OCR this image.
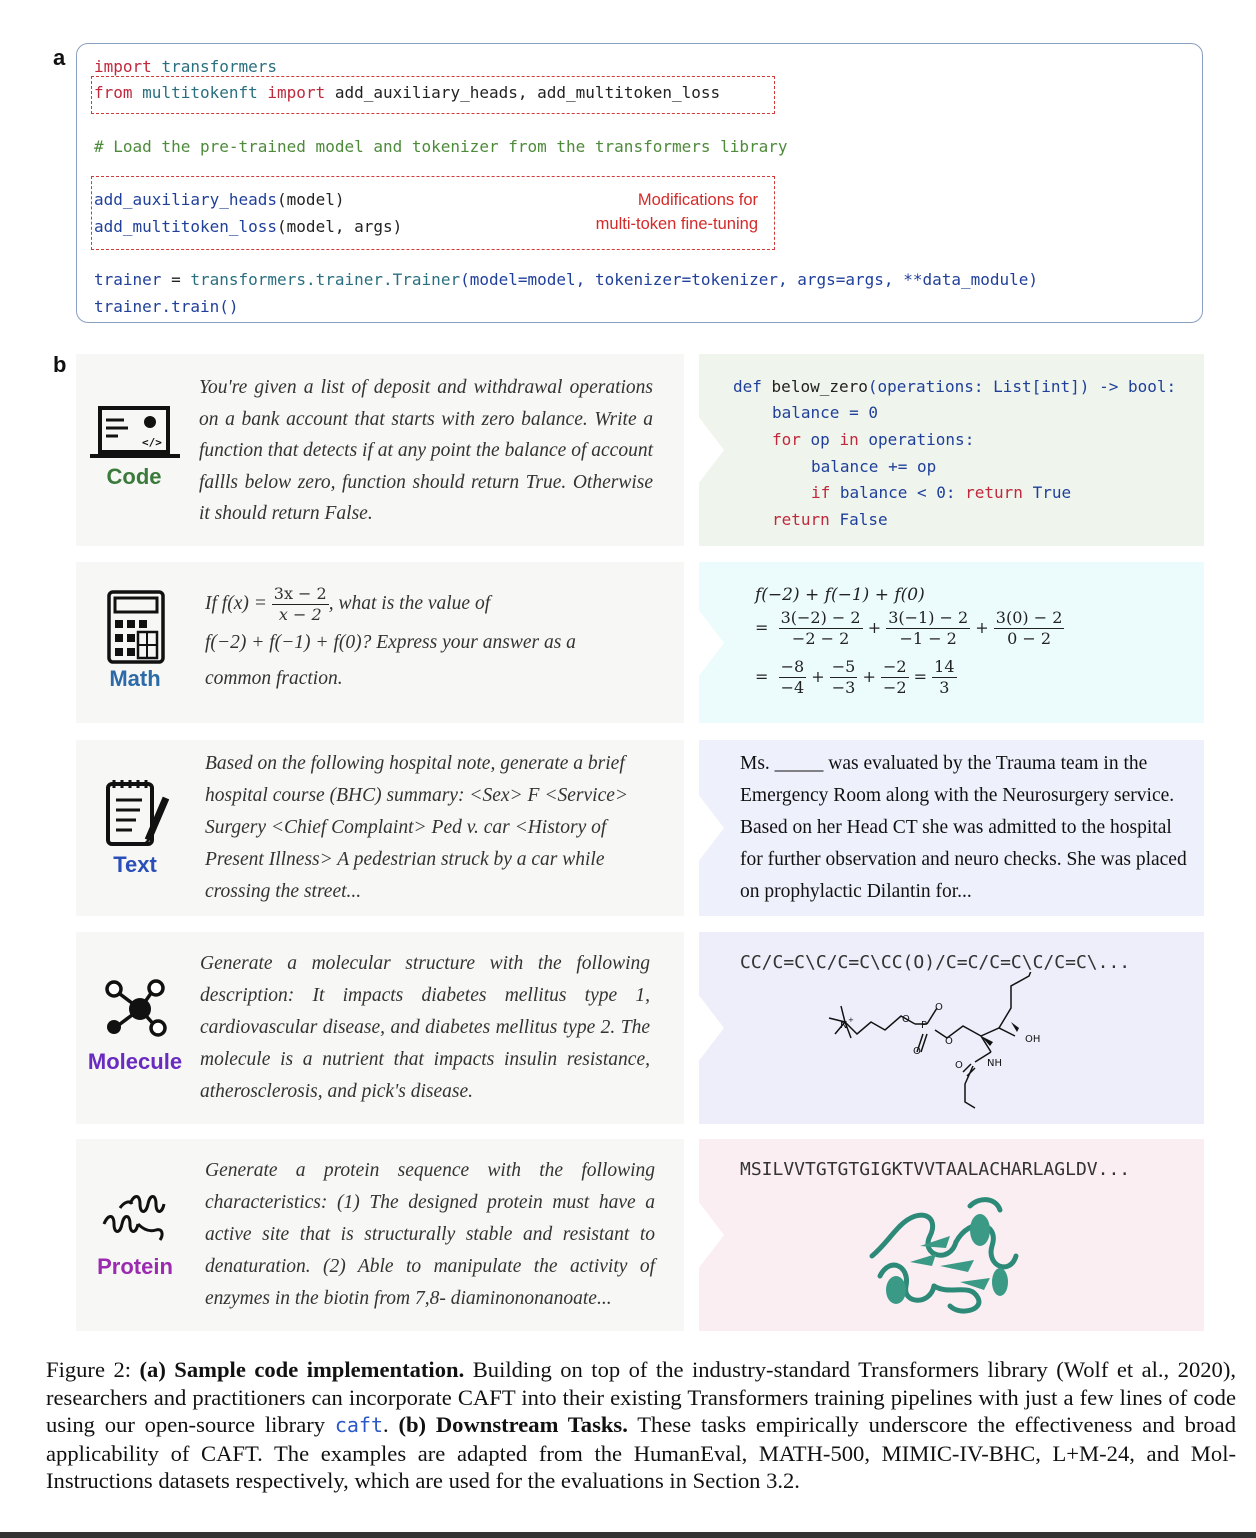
a import transformers
from multitokenft import add_auxiliary_heads, add_multitoken_loss
# Load the pre-trained model and tokenizer from the transformers library
add_auxiliary_heads(model)
add_multitoken_loss(model, args)
Modifications for
multi-token fine-tuning
trainer = transformers.trainer.Trainer(model=model, tokenizer=tokenizer, args=args, **data_module)
trainer.train()
b
</>
Code
You're given a list of deposit and withdrawal operations on a bank account that starts with zero balance. Write a function that detects if at any point the balance of account fallls below zero, function should return True. Otherwise it should return False.
def below_zero(operations: List[int]) -> bool:
balance = 0
for op in operations:
balance += op
if balance < 0: return True
return False
Math
If $f(x) = \frac{3x - 2}{x - 2}$ , what is the value of
f(−2) + f(−1) + f(0)? Express your answer as a
common fraction.
f(−2) + f(−1) + f(0)
= $\frac{3(-2) - 2}{-2 - 2} + \frac{3(-1) - 2}{-1 - 2} + \frac{3(0) - 2}{0 - 2}$
= $\frac{-8}{-4} + \frac{-5}{-3} + \frac{-2}{-2} = \frac{14}{3}$
Text
Based on the following hospital note, generate a brief hospital course (BHC) summary: <Sex> F <Service> Surgery <Chief Complaint> Ped v. car <History of Present Illness> A pedestrian struck by a car while crossing the street...
Ms. _____ was evaluated by the Trauma team in the Emergency Room along with the Neurosurgery service. Based on her Head CT she was admitted to the hospital for further observation and neuro checks. She was placed on prophylactic Dilantin for...
Molecule
Generate a molecular structure with the following description: It impacts diabetes mellitus type 1, cardiovascular disease, and diabetes mellitus type 2. The molecule is a nutrient that impacts insulin resistance, atherosclerosis, and pick's disease.
CC/C=C\C/C=C\CC(O)/C=C/C=C\C/C=C\...
N +	O
P
O
O
O	OH
NH
O
Protein
Generate a protein sequence with the following characteristics: (1) The designed protein must have a active site that is structurally stable and resistant to denaturation. (2) Able to manipulate the activity of enzymes in the biotin from 7,8- diaminononanoate...
MSILVVTGTGTGIGKTVVTAALACHARLAGLDV...
Figure 2: (a) Sample code implementation. Building on top of the industry-standard Transformers library (Wolf et al., 2020), researchers and practitioners can incorporate CAFT into their existing Transformers training pipelines with just a few lines of code using our open-source library caft. (b) Downstream Tasks. These tasks empirically underscore the effectiveness and broad applicability of CAFT. The examples are adapted from the HumanEval, MATH-500, MIMIC-IV-BHC, L+M-24, and Mol-Instructions datasets respectively, which are used for the evaluations in Section 3.2.
